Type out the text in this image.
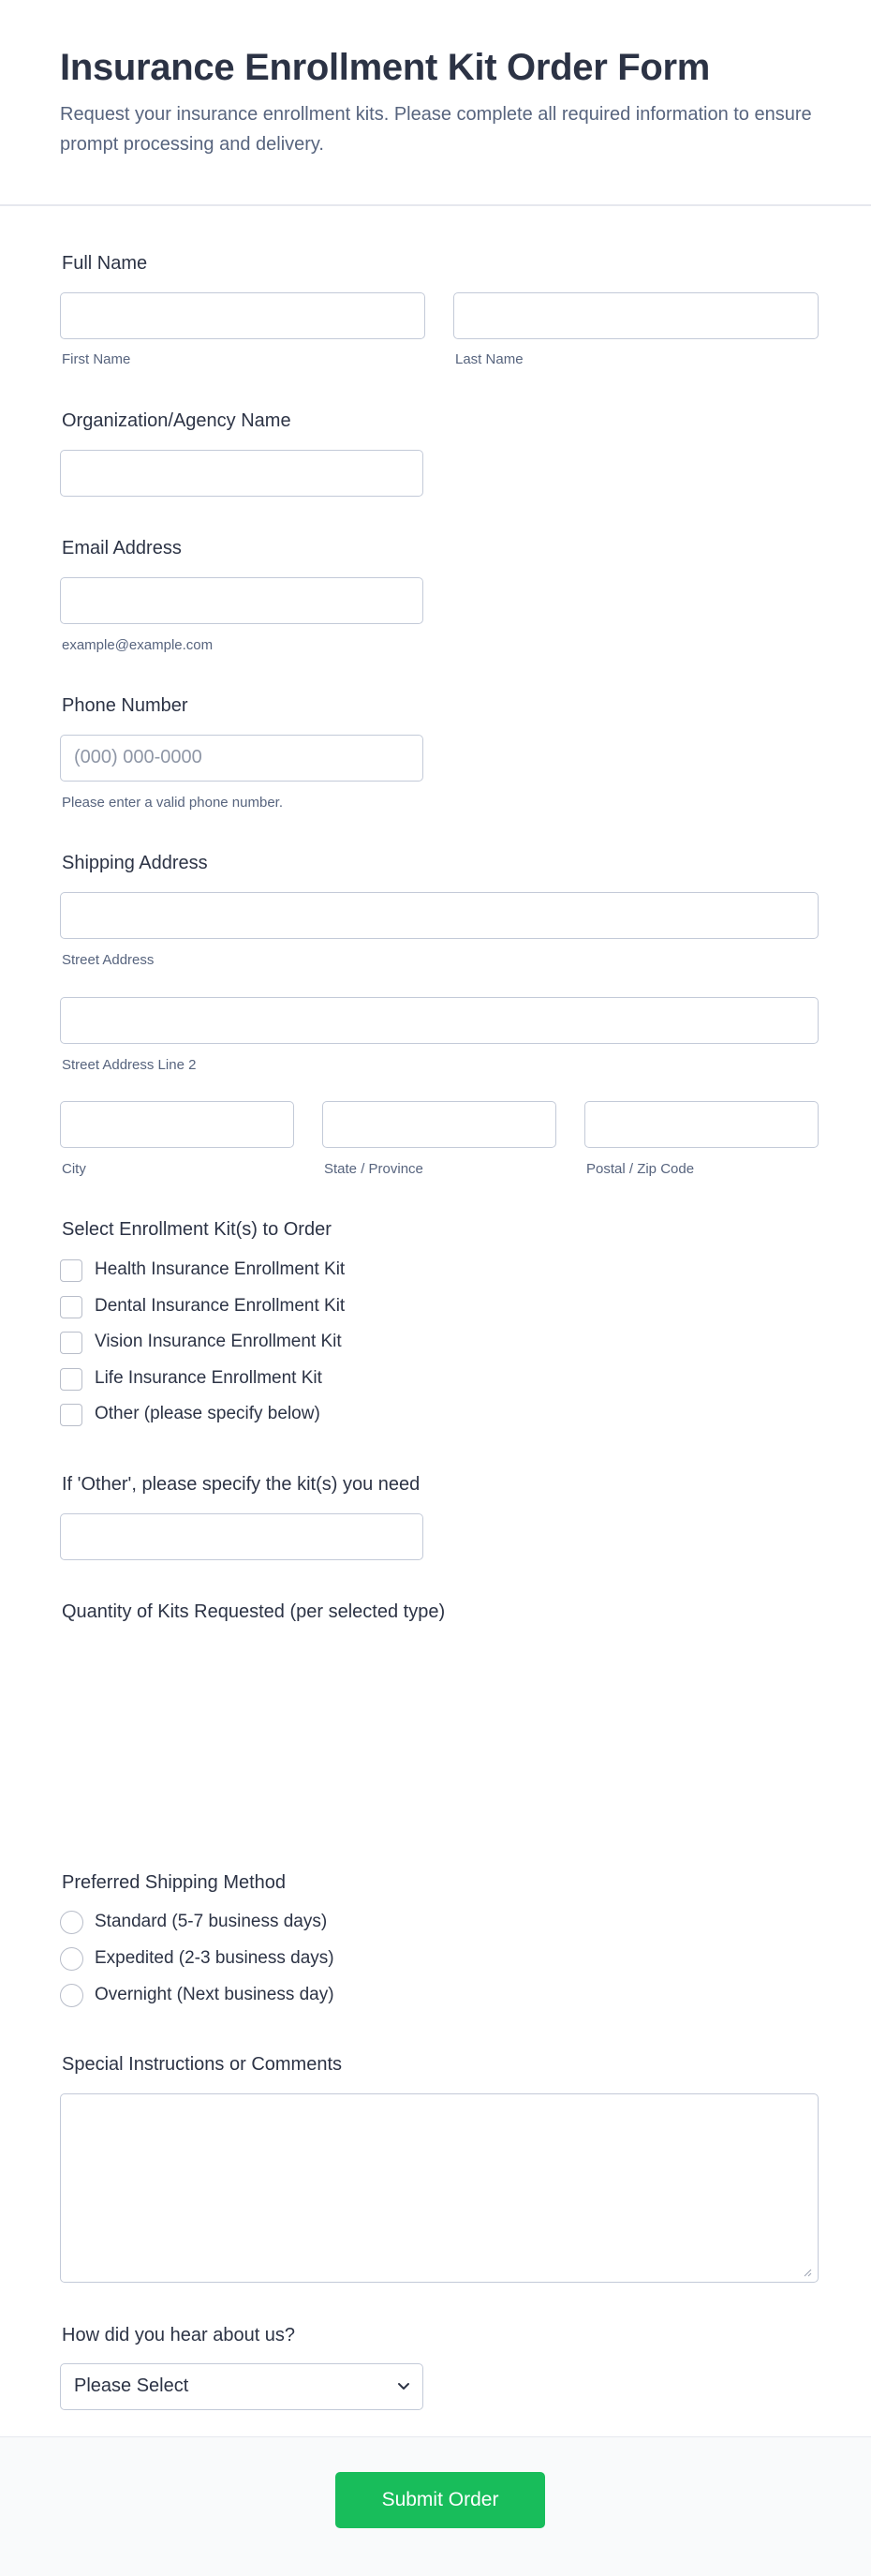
Insurance Enrollment Kit Order Form
Request your insurance enrollment kits. Please complete all required information to ensure prompt processing and delivery.
Full Name
First Name	Last Name
Organization/Agency Name
Email Address
example@example.com
Phone Number
(000) 000-0000
Please enter a valid phone number.
Shipping Address
Street Address
Street Address Line 2
City	State / Province	Postal / Zip Code
Select Enrollment Kit(s) to Order
Health Insurance Enrollment Kit
Dental Insurance Enrollment Kit
Vision Insurance Enrollment Kit
Life Insurance Enrollment Kit
Other (please specify below)
If 'Other', please specify the kit(s) you need
Quantity of Kits Requested (per selected type)
Preferred Shipping Method
Standard (5-7 business days)
Expedited (2-3 business days)
Overnight (Next business day)
Special Instructions or Comments
How did you hear about us?
Please Select
Submit Order
